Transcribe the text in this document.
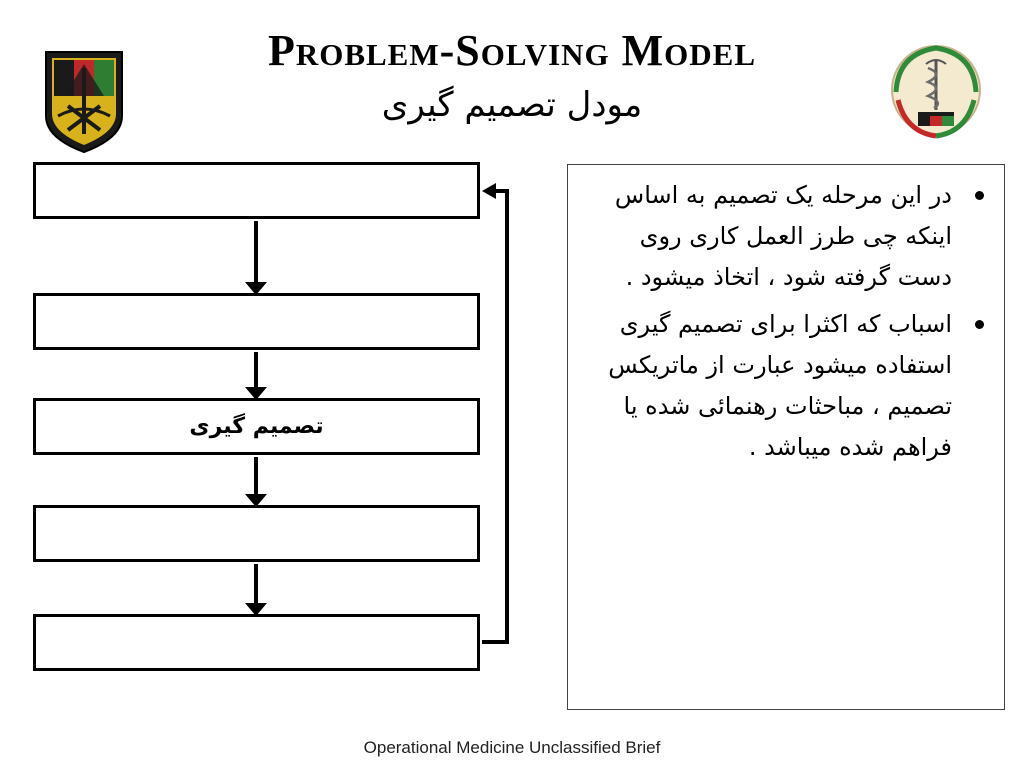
Problem-Solving Model
مودل تصمیم گیری
تصمیم گیری
در این مرحله یک تصمیم به اساس اینکه چی طرز العمل کاری روی دست گرفته شود ، اتخاذ میشود .
اسباب که اکثرا برای تصمیم گیری استفاده میشود عبارت از ماتریکس تصمیم ، مباحثات رهنمائی شده یا فراهم شده میباشد .
Operational Medicine Unclassified Brief
